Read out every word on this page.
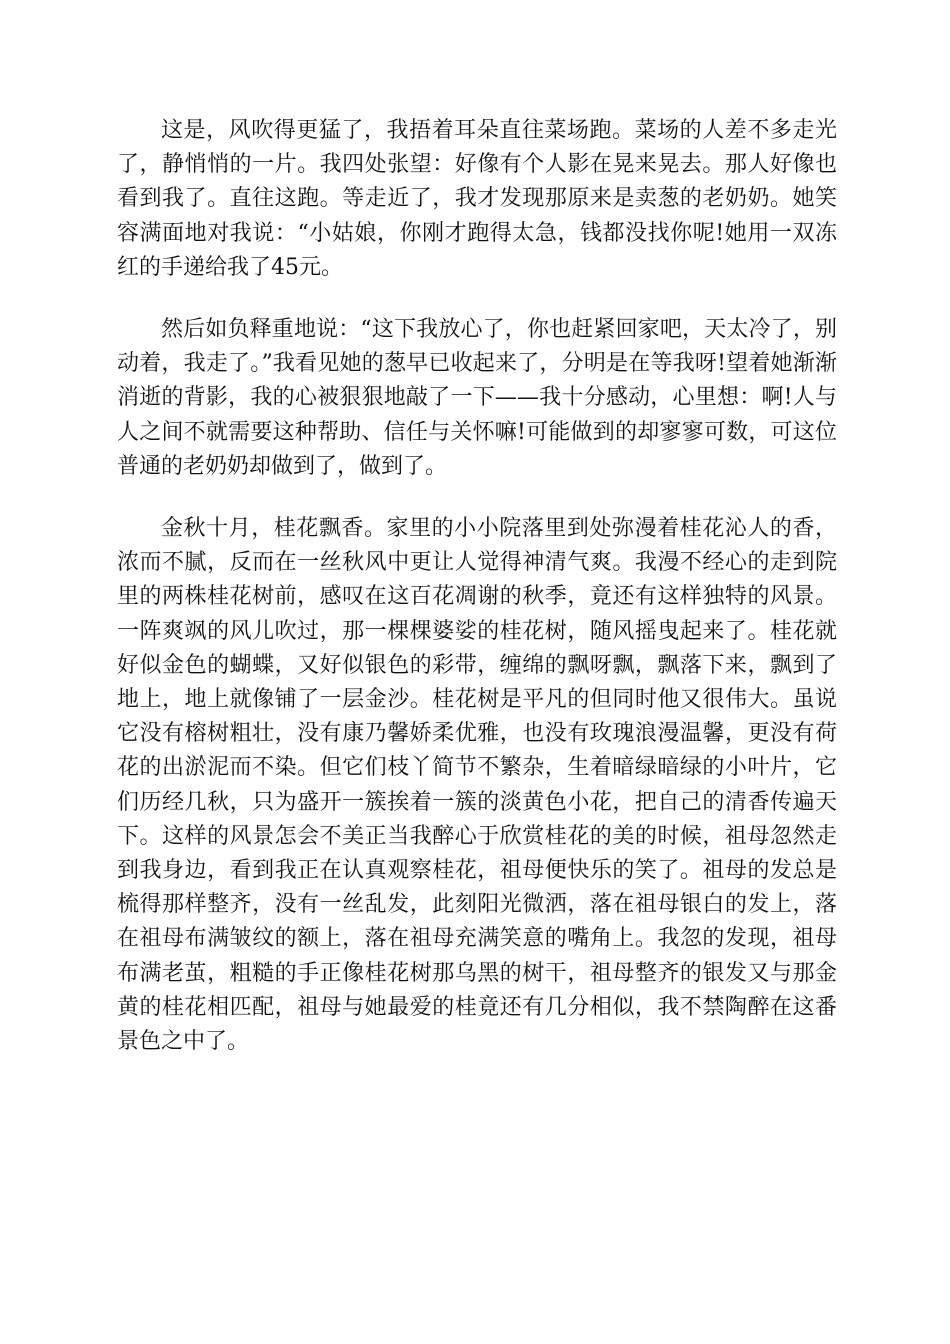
这是，风吹得更猛了，我捂着耳朵直往菜场跑。菜场的人差不多走光了，静悄悄的一片。我四处张望：好像有个人影在晃来晃去。那人好像也看到我了。直往这跑。等走近了，我才发现那原来是卖葱的老奶奶。她笑容满面地对我说：“小姑娘，你刚才跑得太急，钱都没找你呢!她用一双冻红的手递给我了45元。

然后如负释重地说：“这下我放心了，你也赶紧回家吧，天太冷了，别动着，我走了。”我看见她的葱早已收起来了，分明是在等我呀!望着她渐渐消逝的背影，我的心被狠狠地敲了一下——我十分感动，心里想：啊!人与人之间不就需要这种帮助、信任与关怀嘛!可能做到的却寥寥可数，可这位普通的老奶奶却做到了，做到了。

金秋十月，桂花飘香。家里的小小院落里到处弥漫着桂花沁人的香，浓而不腻，反而在一丝秋风中更让人觉得神清气爽。我漫不经心的走到院里的两株桂花树前，感叹在这百花凋谢的秋季，竟还有这样独特的风景。一阵爽飒的风儿吹过，那一棵棵婆娑的桂花树，随风摇曳起来了。桂花就好似金色的蝴蝶，又好似银色的彩带，缠绵的飘呀飘，飘落下来，飘到了地上，地上就像铺了一层金沙。桂花树是平凡的但同时他又很伟大。虽说它没有榕树粗壮，没有康乃馨娇柔优雅，也没有玫瑰浪漫温馨，更没有荷花的出淤泥而不染。但它们枝丫简节不繁杂，生着暗绿暗绿的小叶片，它们历经几秋，只为盛开一簇挨着一簇的淡黄色小花，把自己的清香传遍天下。这样的风景怎会不美正当我醉心于欣赏桂花的美的时候，祖母忽然走到我身边，看到我正在认真观察桂花，祖母便快乐的笑了。祖母的发总是梳得那样整齐，没有一丝乱发，此刻阳光微洒，落在祖母银白的发上，落在祖母布满皱纹的额上，落在祖母充满笑意的嘴角上。我忽的发现，祖母布满老茧，粗糙的手正像桂花树那乌黑的树干，祖母整齐的银发又与那金黄的桂花相匹配，祖母与她最爱的桂竟还有几分相似，我不禁陶醉在这番景色之中了。
